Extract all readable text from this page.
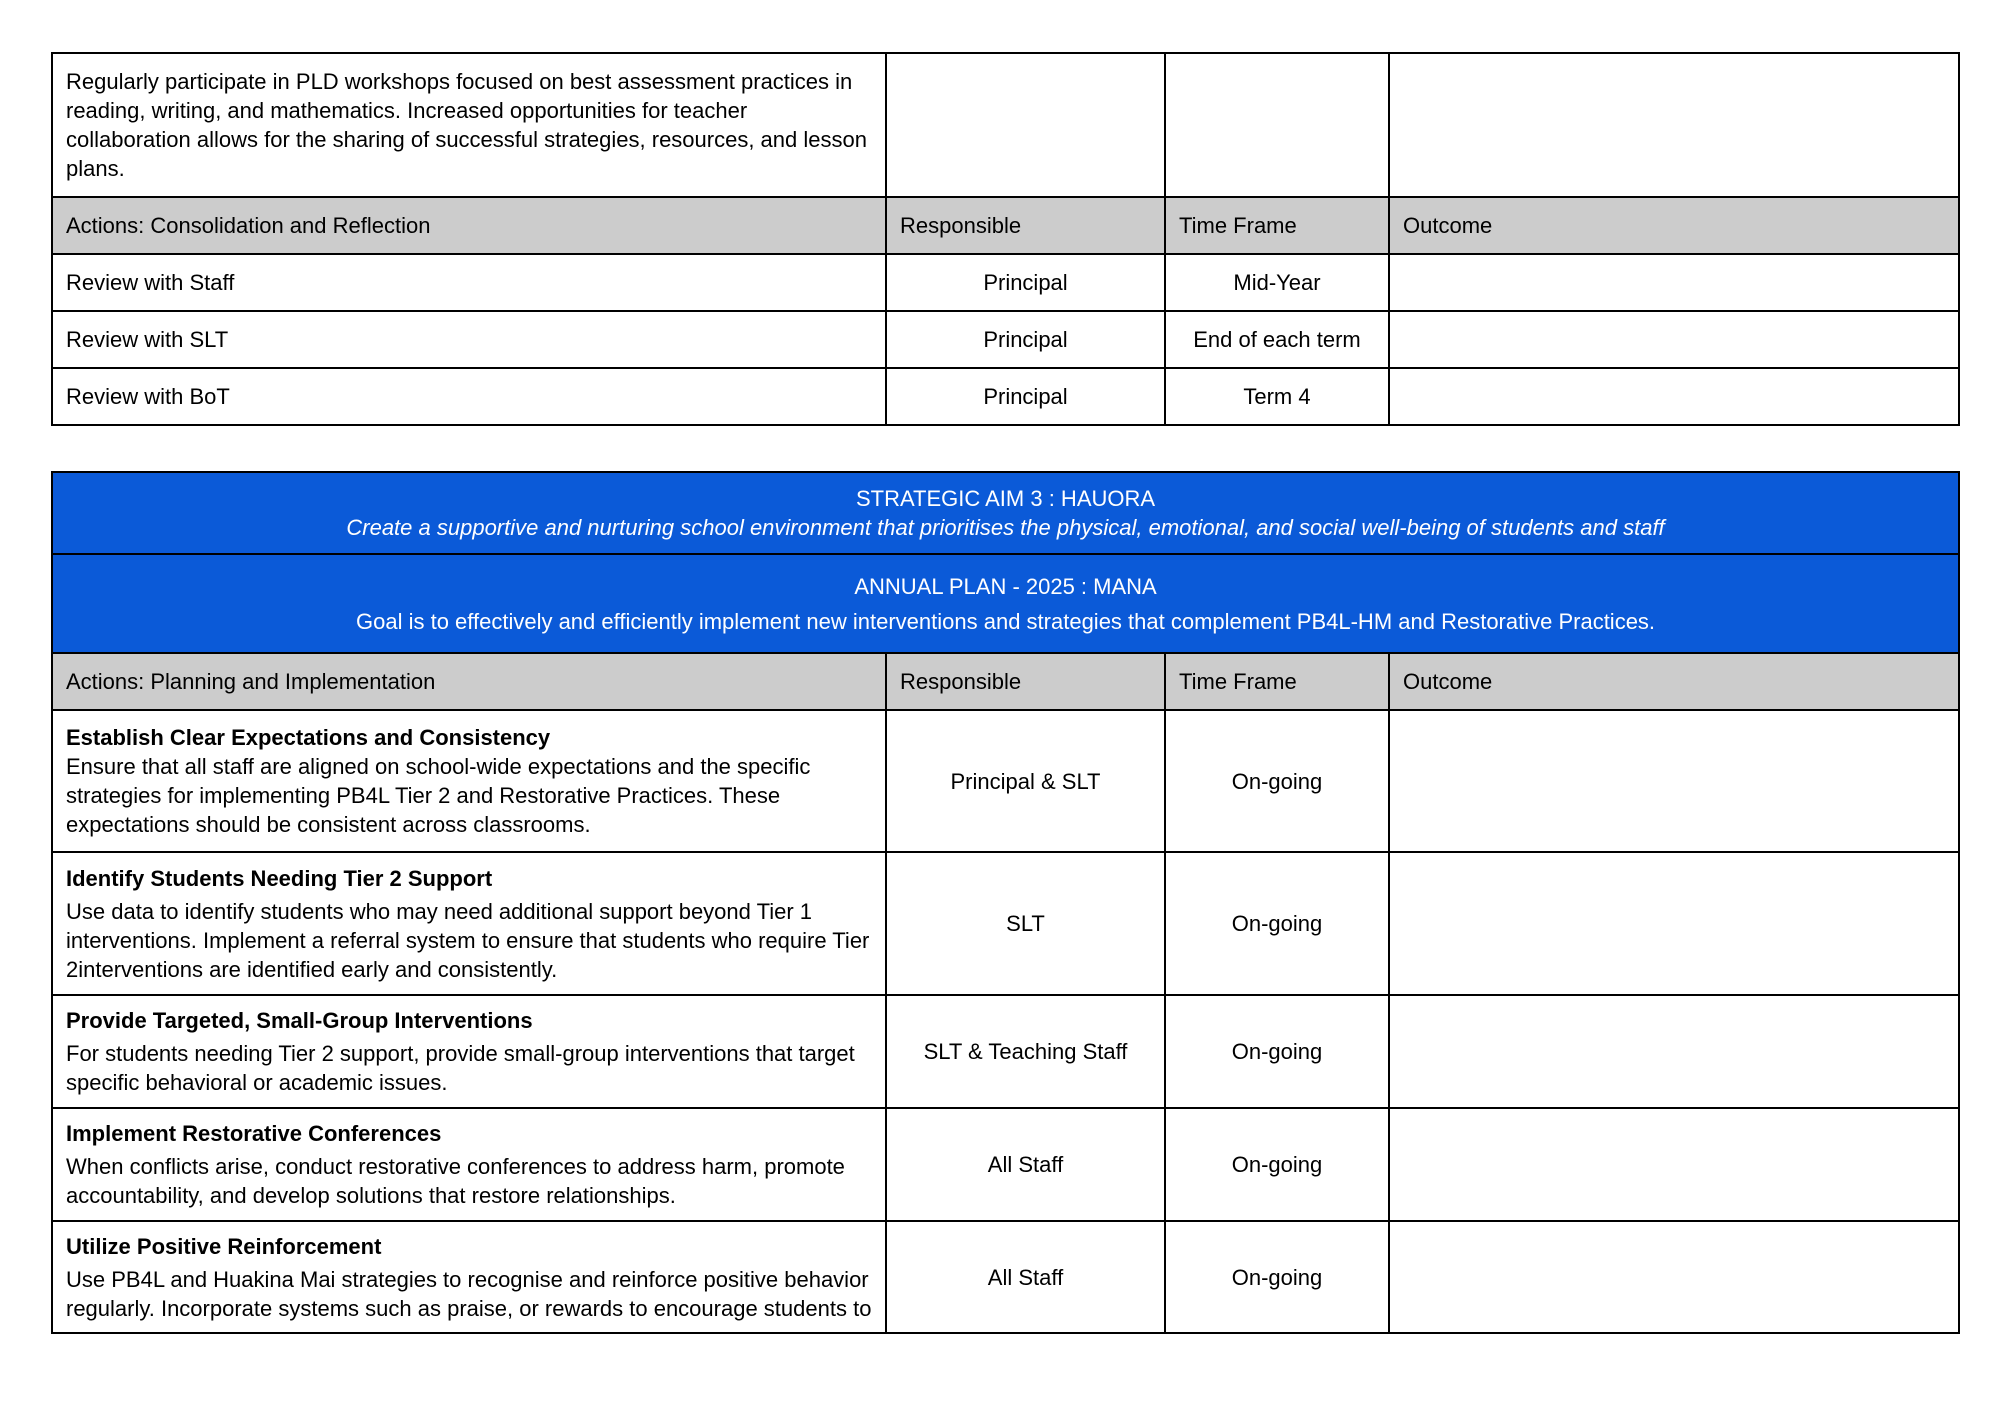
Regularly participate in PLD workshops focused on best assessment practices in reading, writing, and mathematics. Increased opportunities for teacher collaboration allows for the sharing of successful strategies, resources, and lesson plans.			
Actions: Consolidation and Reflection	Responsible	Time Frame	Outcome
Review with Staff	Principal	Mid-Year	
Review with SLT	Principal	End of each term	
Review with BoT	Principal	Term 4	
STRATEGIC AIM 3 : HAUORA
Create a supportive and nurturing school environment that prioritises the physical, emotional, and social well-being of students and staff			

ANNUAL PLAN - 2025 : MANA
Goal is to effectively and efficiently implement new interventions and strategies that complement PB4L-HM and Restorative Practices.			

Actions: Planning and Implementation	Responsible	Time Frame	Outcome

Establish Clear Expectations and Consistency
Ensure that all staff are aligned on school-wide expectations and the specific strategies for implementing PB4L Tier 2 and Restorative Practices. These expectations should be consistent across classrooms.	Principal & SLT	On-going	

Identify Students Needing Tier 2 Support
Use data to identify students who may need additional support beyond Tier 1 interventions. Implement a referral system to ensure that students who require Tier 2interventions are identified early and consistently.	SLT	On-going	

Provide Targeted, Small-Group Interventions
For students needing Tier 2 support, provide small-group interventions that target specific behavioral or academic issues.	SLT & Teaching Staff	On-going	

Implement Restorative Conferences
When conflicts arise, conduct restorative conferences to address harm, promote accountability, and develop solutions that restore relationships.	All Staff	On-going	

Utilize Positive Reinforcement
Use PB4L and Huakina Mai strategies to recognise and reinforce positive behavior regularly. Incorporate systems such as praise, or rewards to encourage students to	All Staff	On-going	
